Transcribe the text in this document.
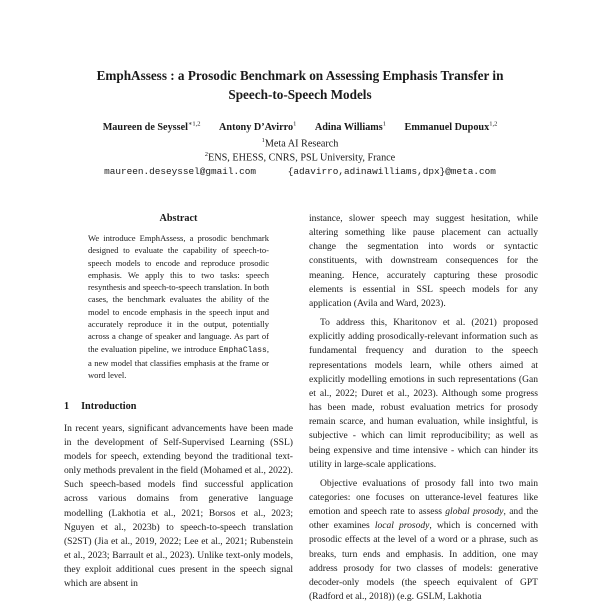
EmphAssess : a Prosodic Benchmark on Assessing Emphasis Transfer in
Speech-to-Speech Models
Maureen de Seyssel$^{∗1,2}$ Antony D’Avirro$^1$ Adina Williams$^1$ Emmanuel Dupoux$^{1,2}$
$^1$Meta AI Research
$^2$ENS, EHESS, CNRS, PSL University, France
maureen.deseyssel@gmail.com	{adavirro,adinawilliams,dpx}@meta.com
Abstract

We introduce EmphAssess, a prosodic benchmark designed to evaluate the capability of speech-to-speech models to encode and reproduce prosodic emphasis. We apply this to two tasks: speech resynthesis and speech-to-speech translation. In both cases, the benchmark evaluates the ability of the model to encode emphasis in the speech input and accurately reproduce it in the output, potentially across a change of speaker and language. As part of the evaluation pipeline, we introduce EmphaClass, a new model that classifies emphasis at the frame or word level.

1 Introduction

In recent years, significant advancements have been made in the development of Self-Supervised Learning (SSL) models for speech, extending beyond the traditional text-only methods prevalent in the field (Mohamed et al., 2022). Such speech-based models find successful application across various domains from generative language modelling (Lakhotia et al., 2021; Borsos et al., 2023; Nguyen et al., 2023b) to speech-to-speech translation (S2ST) (Jia et al., 2019, 2022; Lee et al., 2021; Rubenstein et al., 2023; Barrault et al., 2023). Unlike text-only models, they exploit additional cues present in the speech signal which are absent in

instance, slower speech may suggest hesitation, while altering something like pause placement can actually change the segmentation into words or syntactic constituents, with downstream consequences for the meaning. Hence, accurately capturing these prosodic elements is essential in SSL speech models for any application (Avila and Ward, 2023).

To address this, Kharitonov et al. (2021) proposed explicitly adding prosodically-relevant information such as fundamental frequency and duration to the speech representations models learn, while others aimed at explicitly modelling emotions in such representations (Gan et al., 2022; Duret et al., 2023). Although some progress has been made, robust evaluation metrics for prosody remain scarce, and human evaluation, while insightful, is subjective - which can limit reproducibility; as well as being expensive and time intensive - which can hinder its utility in large-scale applications.

Objective evaluations of prosody fall into two main categories: one focuses on utterance-level features like emotion and speech rate to assess global prosody, and the other examines local prosody, which is concerned with prosodic effects at the level of a word or a phrase, such as breaks, turn ends and emphasis. In addition, one may address prosody for two classes of models: generative decoder-only models (the speech equivalent of GPT (Radford et al., 2018)) (e.g. GSLM, Lakhotia
